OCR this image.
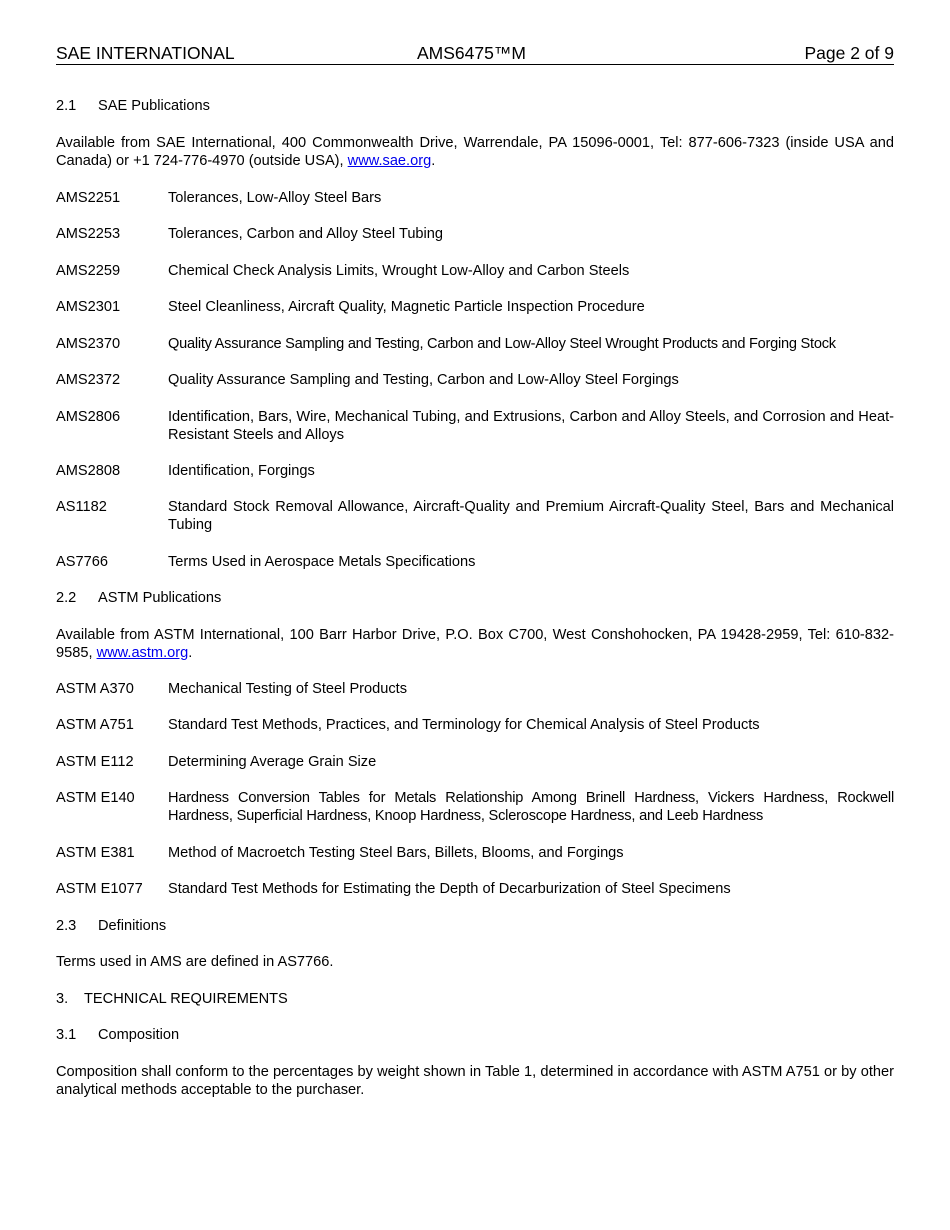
SAE INTERNATIONAL	AMS6475™M	Page 2 of 9
2.1 SAE Publications
Available from SAE International, 400 Commonwealth Drive, Warrendale, PA 15096-0001, Tel: 877-606-7323 (inside USA and Canada) or +1 724-776-4970 (outside USA), www.sae.org.
AMS2251	Tolerances, Low-Alloy Steel Bars
AMS2253	Tolerances, Carbon and Alloy Steel Tubing
AMS2259	Chemical Check Analysis Limits, Wrought Low-Alloy and Carbon Steels
AMS2301	Steel Cleanliness, Aircraft Quality, Magnetic Particle Inspection Procedure
AMS2370	Quality Assurance Sampling and Testing, Carbon and Low-Alloy Steel Wrought Products and Forging Stock
AMS2372	Quality Assurance Sampling and Testing, Carbon and Low-Alloy Steel Forgings
AMS2806	Identification, Bars, Wire, Mechanical Tubing, and Extrusions, Carbon and Alloy Steels, and Corrosion and Heat-Resistant Steels and Alloys
AMS2808	Identification, Forgings
AS1182	Standard Stock Removal Allowance, Aircraft-Quality and Premium Aircraft-Quality Steel, Bars and Mechanical Tubing
AS7766	Terms Used in Aerospace Metals Specifications
2.2 ASTM Publications
Available from ASTM International, 100 Barr Harbor Drive, P.O. Box C700, West Conshohocken, PA 19428-2959, Tel: 610-832-9585, www.astm.org.
ASTM A370 Mechanical Testing of Steel Products
ASTM A751 Standard Test Methods, Practices, and Terminology for Chemical Analysis of Steel Products
ASTM E112 Determining Average Grain Size
ASTM E140 Hardness Conversion Tables for Metals Relationship Among Brinell Hardness, Vickers Hardness, Rockwell Hardness, Superficial Hardness, Knoop Hardness, Scleroscope Hardness, and Leeb Hardness
ASTM E381 Method of Macroetch Testing Steel Bars, Billets, Blooms, and Forgings
ASTM E1077 Standard Test Methods for Estimating the Depth of Decarburization of Steel Specimens
2.3 Definitions
Terms used in AMS are defined in AS7766.
3. TECHNICAL REQUIREMENTS
3.1 Composition
Composition shall conform to the percentages by weight shown in Table 1, determined in accordance with ASTM A751 or by other analytical methods acceptable to the purchaser.
